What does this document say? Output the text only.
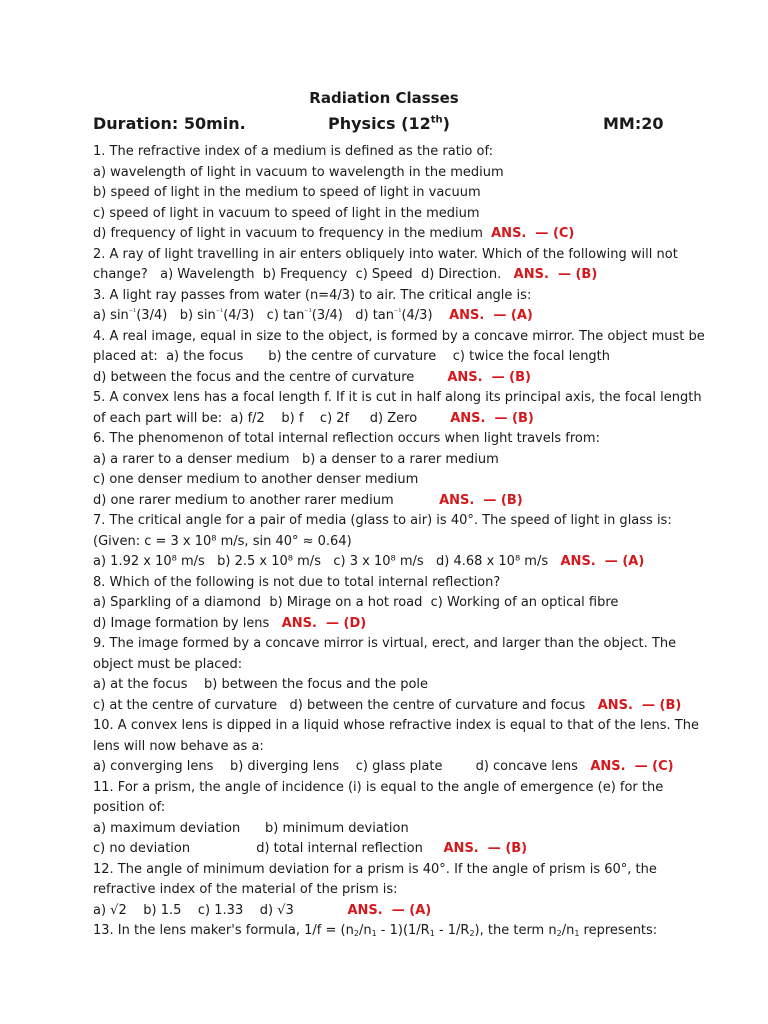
Radiation Classes
Duration: 50min.	Physics (12th)	MM:20
1. The refractive index of a medium is defined as the ratio of:
a) wavelength of light in vacuum to wavelength in the medium
b) speed of light in the medium to speed of light in vacuum
c) speed of light in vacuum to speed of light in the medium
d) frequency of light in vacuum to frequency in the medium  ANS.  — (C)
2. A ray of light travelling in air enters obliquely into water. Which of the following will not
change?   a) Wavelength  b) Frequency  c) Speed  d) Direction.   ANS.  — (B)
3. A light ray passes from water (n=4/3) to air. The critical angle is:
a) $\sin^{^{-1}}(3/4)$   b) $\sin^{^{-1}}(4/3)$   c) $\tan^{^{-1}}(3/4)$   d) $\tan^{^{-1}}(4/3)$    ANS.  — (A)
4. A real image, equal in size to the object, is formed by a concave mirror. The object must be
placed at:  a) the focus      b) the centre of curvature    c) twice the focal length
d) between the focus and the centre of curvature        ANS.  — (B)
5. A convex lens has a focal length f. If it is cut in half along its principal axis, the focal length
of each part will be:  a) f/2    b) f    c) 2f     d) Zero        ANS.  — (B)
6. The phenomenon of total internal reflection occurs when light travels from:
a) a rarer to a denser medium   b) a denser to a rarer medium
c) one denser medium to another denser medium
d) one rarer medium to another rarer medium           ANS.  — (B)
7. The critical angle for a pair of media (glass to air) is 40°. The speed of light in glass is:
(Given: c = 3 x 10⁸ m/s, sin 40° ≈ 0.64)
a) 1.92 x 10⁸ m/s   b) 2.5 x 10⁸ m/s   c) 3 x 10⁸ m/s   d) 4.68 x 10⁸ m/s   ANS.  — (A)
8. Which of the following is not due to total internal reflection?
a) Sparkling of a diamond  b) Mirage on a hot road  c) Working of an optical fibre
d) Image formation by lens   ANS.  — (D)
9. The image formed by a concave mirror is virtual, erect, and larger than the object. The
object must be placed:
a) at the focus    b) between the focus and the pole
c) at the centre of curvature   d) between the centre of curvature and focus   ANS.  — (B)
10. A convex lens is dipped in a liquid whose refractive index is equal to that of the lens. The
lens will now behave as a:
a) converging lens    b) diverging lens    c) glass plate        d) concave lens   ANS.  — (C)
11. For a prism, the angle of incidence (i) is equal to the angle of emergence (e) for the
position of:
a) maximum deviation      b) minimum deviation
c) no deviation                d) total internal reflection     ANS.  — (B)
12. The angle of minimum deviation for a prism is 40°. If the angle of prism is 60°, the
refractive index of the material of the prism is:
a) √2    b) 1.5    c) 1.33    d) √3             ANS.  — (A)
13. In the lens maker's formula, $1/f = (n_2/n_1 - 1)(1/R_1 - 1/R_2)$, the term $n_2/n_1$ represents:
